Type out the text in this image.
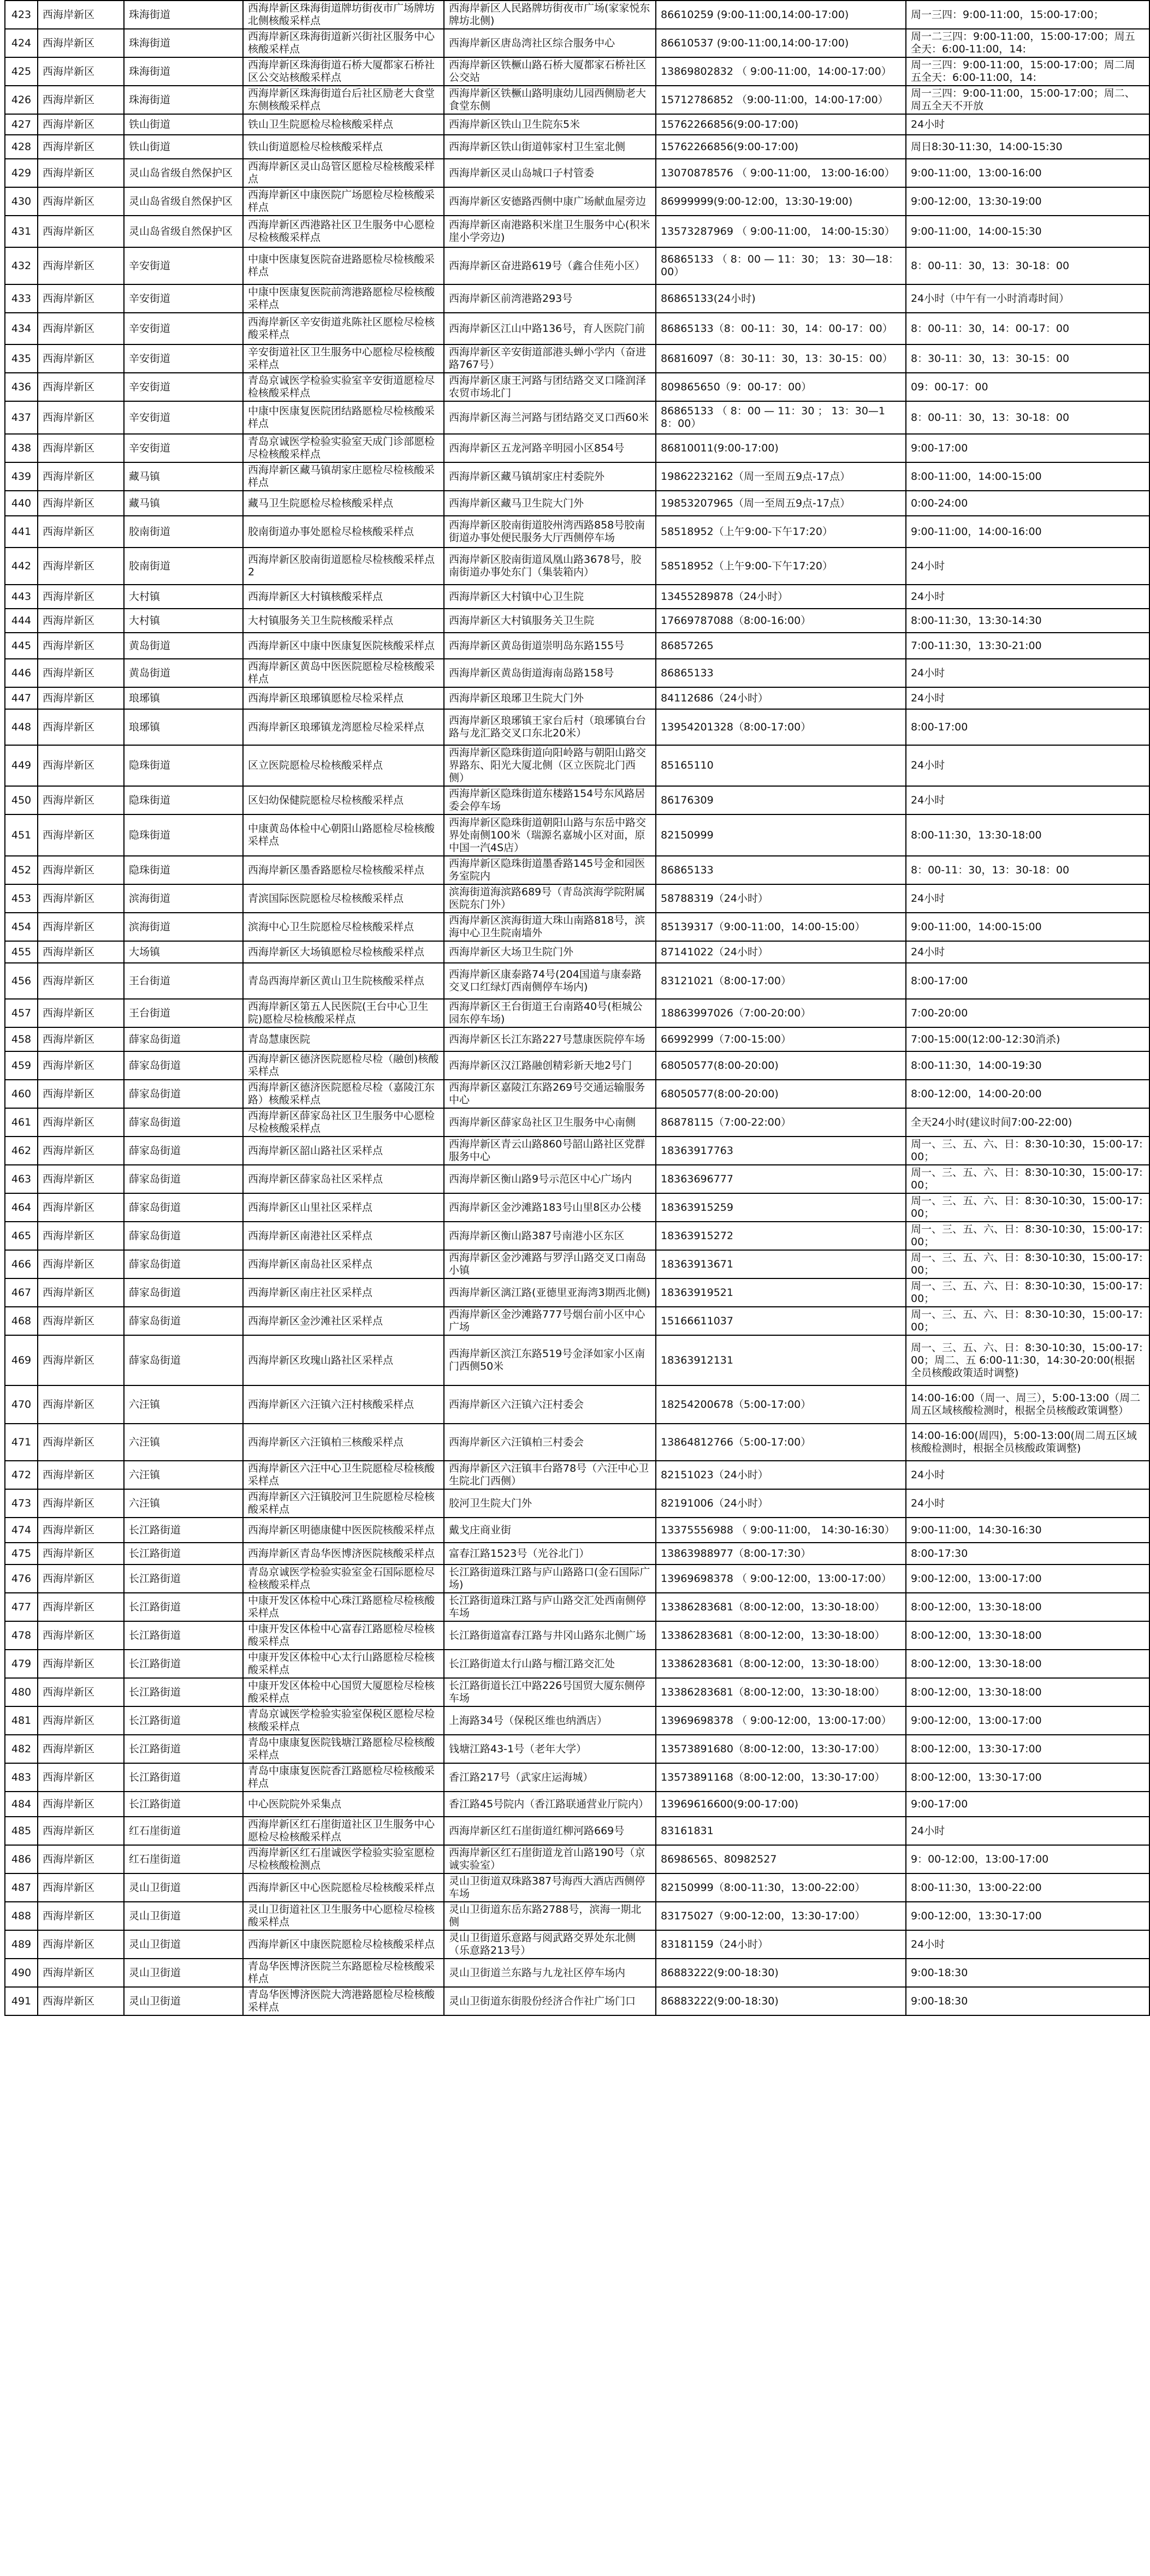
423	西海岸新区	珠海街道	西海岸新区珠海街道牌坊街夜市广场牌坊北侧核酸采样点	西海岸新区人民路牌坊街夜市广场(家家悦东牌坊北侧)	86610259 (9:00-11:00,14:00-17:00)	周一三四：9:00-11:00，15:00-17:00；
424	西海岸新区	珠海街道	西海岸新区珠海街道新兴街社区服务中心核酸采样点	西海岸新区唐岛湾社区综合服务中心	86610537 (9:00-11:00,14:00-17:00)	周一二三四：9:00-11:00，15:00-17:00；周五全天：6:00-11:00，14:
425	西海岸新区	珠海街道	西海岸新区珠海街道石桥大厦都家石桥社区公交站核酸采样点	西海岸新区铁橛山路石桥大厦都家石桥社区公交站	13869802832 （ 9:00-11:00，14:00-17:00）	周一三四：9:00-11:00，15:00-17:00；周二周五全天：6:00-11:00，14:
426	西海岸新区	珠海街道	西海岸新区珠海街道台后社区励老大食堂东侧核酸采样点	西海岸新区铁橛山路明康幼儿园西侧励老大食堂东侧	15712786852 （9:00-11:00，14:00-17:00）	周一三四：9:00-11:00，15:00-17:00；周二、周五全天不开放
427	西海岸新区	铁山街道	铁山卫生院愿检尽检核酸采样点	西海岸新区铁山卫生院东5米	15762266856(9:00-17:00)	24小时
428	西海岸新区	铁山街道	铁山街道愿检尽检核酸采样点	西海岸新区铁山街道韩家村卫生室北侧	15762266856(9:00-17:00)	周日8:30-11:30，14:00-15:30
429	西海岸新区	灵山岛省级自然保护区	西海岸新区灵山岛管区愿检尽检核酸采样点	西海岸新区灵山岛城口子村管委	13070878576 （ 9:00-11:00， 13:00-16:00）	9:00-11:00，13:00-16:00
430	西海岸新区	灵山岛省级自然保护区	西海岸新区中康医院广场愿检尽检核酸采样点	西海岸新区安德路西侧中康广场献血屋旁边	86999999(9:00-12:00，13:30-19:00)	9:00-12:00，13:30-19:00
431	西海岸新区	灵山岛省级自然保护区	西海岸新区西港路社区卫生服务中心愿检尽检核酸采样点	西海岸新区南港路积米崖卫生服务中心(积米崖小学旁边)	13573287969 （ 9:00-11:00， 14:00-15:30）	9:00-11:00，14:00-15:30
432	西海岸新区	辛安街道	中康中医康复医院奋进路愿检尽检核酸采样点	西海岸新区奋进路619号（鑫合佳苑小区）	86865133 （ 8：00 — 11：30； 13：30—18：00）	8：00-11：30，13：30-18：00
433	西海岸新区	辛安街道	中康中医康复医院前湾港路愿检尽检核酸采样点	西海岸新区前湾港路293号	86865133(24小时)	24小时（中午有一小时消毒时间）
434	西海岸新区	辛安街道	西海岸新区辛安街道兆陈社区愿检尽检核酸采样点	西海岸新区江山中路136号，育人医院门前	86865133（8：00-11：30，14：00-17：00）	8：00-11：30，14：00-17：00
435	西海岸新区	辛安街道	辛安街道社区卫生服务中心愿检尽检核酸采样点	西海岸新区辛安街道部港头蝉小学内（奋进路767号）	86816097（8：30-11：30，13：30-15：00）	8：30-11：30，13：30-15：00
436	西海岸新区	辛安街道	青岛京诚医学检验实验室辛安街道愿检尽检核酸采样点	西海岸新区康王河路与团结路交叉口隆润泽农贸市场北门	809865650（9：00-17：00）	09：00-17：00
437	西海岸新区	辛安街道	中康中医康复医院团结路愿检尽检核酸采样点	西海岸新区海兰河路与团结路交叉口西60米	86865133 （ 8：00 — 11：30 ； 13：30—18：00）	8：00-11：30，13：30-18：00
438	西海岸新区	辛安街道	青岛京诚医学检验实验室天成门诊部愿检尽检核酸采样点	西海岸新区五龙河路辛明园小区854号	86810011(9:00-17:00)	9:00-17:00
439	西海岸新区	藏马镇	西海岸新区藏马镇胡家庄愿检尽检核酸采样点	西海岸新区藏马镇胡家庄村委院外	19862232162（周一至周五9点-17点）	8:00-11:00，14:00-15:00
440	西海岸新区	藏马镇	藏马卫生院愿检尽检核酸采样点	西海岸新区藏马卫生院大门外	19853207965（周一至周五9点-17点）	0:00-24:00
441	西海岸新区	胶南街道	胶南街道办事处愿检尽检核酸采样点	西海岸新区胶南街道胶州湾西路858号胶南街道办事处便民服务大厅西侧停车场	58518952（上午9:00-下午17:20）	9:00-11:00，14:00-16:00
442	西海岸新区	胶南街道	西海岸新区胶南街道愿检尽检核酸采样点2	西海岸新区胶南街道凤凰山路3678号，胶南街道办事处东门（集装箱内）	58518952（上午9:00-下午17:20）	24小时
443	西海岸新区	大村镇	西海岸新区大村镇核酸采样点	西海岸新区大村镇中心卫生院	13455289878（24小时）	24小时
444	西海岸新区	大村镇	大村镇服务关卫生院核酸采样点	西海岸新区大村镇服务关卫生院	17669787088（8:00-16:00）	8:00-11:30，13:30-14:30
445	西海岸新区	黄岛街道	西海岸新区中康中医康复医院核酸采样点	西海岸新区黄岛街道崇明岛东路155号	86857265	7:00-11:30，13:30-21:00
446	西海岸新区	黄岛街道	西海岸新区黄岛中医医院愿检尽检核酸采样点	西海岸新区黄岛街道海南岛路158号	86865133	24小时
447	西海岸新区	琅琊镇	西海岸新区琅琊镇愿检尽检采样点	西海岸新区琅琊卫生院大门外	84112686（24小时）	24小时
448	西海岸新区	琅琊镇	西海岸新区琅琊镇龙湾愿检尽检采样点	西海岸新区琅琊镇王家台后村（琅琊镇台台路与龙汇路交叉口东北20米）	13954201328（8:00-17:00）	8:00-17:00
449	西海岸新区	隐珠街道	区立医院愿检尽检核酸采样点	西海岸新区隐珠街道向阳岭路与朝阳山路交界路东、阳光大厦北侧（区立医院北门西侧）	85165110	24小时
450	西海岸新区	隐珠街道	区妇幼保健院愿检尽检核酸采样点	西海岸新区隐珠街道东楼路154号东风路居委会停车场	86176309	24小时
451	西海岸新区	隐珠街道	中康黄岛体检中心朝阳山路愿检尽检核酸采样点	西海岸新区隐珠街道朝阳山路与东岳中路交界处南侧100米（瑞源名嘉城小区对面，原中国一汽4S店）	82150999	8:00-11:30，13:30-18:00
452	西海岸新区	隐珠街道	西海岸新区墨香路愿检尽检核酸采样点	西海岸新区隐珠街道墨香路145号金和园医务室院内	86865133	8：00-11：30，13：30-18：00
453	西海岸新区	滨海街道	青滨国际医院愿检尽检核酸采样点	滨海街道海滨路689号（青岛滨海学院附属医院东门外）	58788319（24小时）	24小时
454	西海岸新区	滨海街道	滨海中心卫生院愿检尽检核酸采样点	西海岸新区滨海街道大珠山南路818号，滨海中心卫生院南墙外	85139317（9:00-11:00，14:00-15:00）	9:00-11:00，14:00-15:00
455	西海岸新区	大场镇	西海岸新区大场镇愿检尽检核酸采样点	西海岸新区大场卫生院门外	87141022（24小时）	24小时
456	西海岸新区	王台街道	青岛西海岸新区黄山卫生院核酸采样点	西海岸新区康泰路74号(204国道与康泰路交叉口红绿灯西南侧停车场内)	83121021（8:00-17:00）	8:00-17:00
457	西海岸新区	王台街道	西海岸新区第五人民医院(王台中心卫生院)愿检尽检核酸采样点	西海岸新区王台街道王台南路40号(柜城公园东停车场)	18863997026（7:00-20:00）	7:00-20:00
458	西海岸新区	薛家岛街道	青岛慧康医院	西海岸新区长江东路227号慧康医院停车场	66992999（7:00-15:00）	7:00-15:00(12:00-12:30消杀)
459	西海岸新区	薛家岛街道	西海岸新区德济医院愿检尽检（融创)核酸采样点	西海岸新区汉江路融创精彩新天地2号门	68050577(8:00-20:00)	8:00-11:30，14:00-19:30
460	西海岸新区	薛家岛街道	西海岸新区德济医院愿检尽检（嘉陵江东路）核酸采样点	西海岸新区嘉陵江东路269号交通运输服务中心	68050577(8:00-20:00)	8:00-12:00，14:00-20:00
461	西海岸新区	薛家岛街道	西海岸新区薛家岛社区卫生服务中心愿检尽检核酸采样点	西海岸新区薛家岛社区卫生服务中心南侧	86878115（7:00-22:00）	全天24小时(建议时间7:00-22:00)
462	西海岸新区	薛家岛街道	西海岸新区韶山路社区采样点	西海岸新区青云山路860号韶山路社区党群服务中心	18363917763	周一、三、五、六、日：8:30-10:30，15:00-17:00；
463	西海岸新区	薛家岛街道	西海岸新区薛家岛社区采样点	西海岸新区衡山路9号示范区中心广场内	18363696777	周一、三、五、六、日：8:30-10:30，15:00-17:00；
464	西海岸新区	薛家岛街道	西海岸新区山里社区采样点	西海岸新区金沙滩路183号山里8区办公楼	18363915259	周一、三、五、六、日：8:30-10:30，15:00-17:00；
465	西海岸新区	薛家岛街道	西海岸新区南港社区采样点	西海岸新区衡山路387号南港小区东区	18363915272	周一、三、五、六、日：8:30-10:30，15:00-17:00；
466	西海岸新区	薛家岛街道	西海岸新区南岛社区采样点	西海岸新区金沙滩路与罗浮山路交叉口南岛小镇	18363913671	周一、三、五、六、日：8:30-10:30，15:00-17:00；
467	西海岸新区	薛家岛街道	西海岸新区南庄社区采样点	西海岸新区漓江路(亚德里亚海湾3期西北侧)	18363919521	周一、三、五、六、日：8:30-10:30，15:00-17:00；
468	西海岸新区	薛家岛街道	西海岸新区金沙滩社区采样点	西海岸新区金沙滩路777号烟台前小区中心广场	15166611037	周一、三、五、六、日：8:30-10:30，15:00-17:00；
469	西海岸新区	薛家岛街道	西海岸新区玫瑰山路社区采样点	西海岸新区滨江东路519号金泽如家小区南门西侧50米	18363912131	周一、三、五、六、日：8:30-10:30，15:00-17:00；周二、五 6:00-11:30，14:30-20:00(根据全员核酸政策适时调整)
470	西海岸新区	六汪镇	西海岸新区六汪镇六汪村核酸采样点	西海岸新区六汪镇六汪村委会	18254200678（5:00-17:00）	14:00-16:00（周一、周三），5:00-13:00（周二周五区域核酸检测时，根据全员核酸政策调整）
471	西海岸新区	六汪镇	西海岸新区六汪镇柏三核酸采样点	西海岸新区六汪镇柏三村委会	13864812766（5:00-17:00）	14:00-16:00(周四)，5:00-13:00(周二周五区域核酸检测时，根据全员核酸政策调整)
472	西海岸新区	六汪镇	西海岸新区六汪中心卫生院愿检尽检核酸采样点	西海岸新区六汪镇丰台路78号（六汪中心卫生院北门西侧）	82151023（24小时）	24小时
473	西海岸新区	六汪镇	西海岸新区六汪镇胶河卫生院愿检尽检核酸采样点	胶河卫生院大门外	82191006（24小时）	24小时
474	西海岸新区	长江路街道	西海岸新区明德康健中医医院核酸采样点	戴戈庄商业街	13375556988 （ 9:00-11:00， 14:30-16:30）	9:00-11:00，14:30-16:30
475	西海岸新区	长江路街道	西海岸新区青岛华医博济医院核酸采样点	富春江路1523号（光谷北门）	13863988977（8:00-17:30）	8:00-17:30
476	西海岸新区	长江路街道	青岛京诚医学检验实验室金石国际愿检尽检核酸采样点	长江路街道珠江路与庐山路路口(金石国际广场)	13969698378 （ 9:00-12:00，13:00-17:00）	9:00-12:00，13:00-17:00
477	西海岸新区	长江路街道	中康开发区体检中心珠江路愿检尽检核酸采样点	长江路街道珠江路与庐山路交汇处西南侧停车场	13386283681（8:00-12:00，13:30-18:00）	8:00-12:00，13:30-18:00
478	西海岸新区	长江路街道	中康开发区体检中心富春江路愿检尽检核酸采样点	长江路街道富春江路与井冈山路东北侧广场	13386283681（8:00-12:00，13:30-18:00）	8:00-12:00，13:30-18:00
479	西海岸新区	长江路街道	中康开发区体检中心太行山路愿检尽检核酸采样点	长江路街道太行山路与榴江路交汇处	13386283681（8:00-12:00，13:30-18:00）	8:00-12:00，13:30-18:00
480	西海岸新区	长江路街道	中康开发区体检中心国贸大厦愿检尽检核酸采样点	长江路街道长江中路226号国贸大厦东侧停车场	13386283681（8:00-12:00，13:30-18:00）	8:00-12:00，13:30-18:00
481	西海岸新区	长江路街道	青岛京诚医学检验实验室保税区愿检尽检核酸采样点	上海路34号（保税区维也纳酒店）	13969698378 （ 9:00-12:00，13:00-17:00）	9:00-12:00，13:00-17:00
482	西海岸新区	长江路街道	青岛中康康复医院钱塘江路愿检尽检核酸采样点	钱塘江路43-1号（老年大学）	13573891680（8:00-12:00，13:30-17:00）	8:00-12:00，13:30-17:00
483	西海岸新区	长江路街道	青岛中康康复医院香江路愿检尽检核酸采样点	香江路217号（武家庄运海城）	13573891168（8:00-12:00，13:30-17:00）	8:00-12:00，13:30-17:00
484	西海岸新区	长江路街道	中心医院院外采集点	香江路45号院内（香江路联通营业厅院内）	13969616600(9:00-17:00)	9:00-17:00
485	西海岸新区	红石崖街道	西海岸新区红石崖街道社区卫生服务中心愿检尽检核酸采样点	西海岸新区红石崖街道红柳河路669号	83161831	24小时
486	西海岸新区	红石崖街道	西海岸新区红石崖诚医学检验实验室愿检尽检核酸检测点	西海岸新区红石崖街道龙首山路190号（京诚实验室）	86986565、80982527	9：00-12:00，13:00-17:00
487	西海岸新区	灵山卫街道	西海岸新区中心医院愿检尽检核酸采样点	灵山卫街道双珠路387号海西大酒店西侧停车场	82150999（8:00-11:30，13:00-22:00）	8:00-11:30，13:00-22:00
488	西海岸新区	灵山卫街道	灵山卫街道社区卫生服务中心愿检尽检核酸采样点	灵山卫街道东岳东路2788号，滨海一期北侧	83175027（9:00-12:00，13:30-17:00）	9:00-12:00，13:30-17:00
489	西海岸新区	灵山卫街道	西海岸新区中康医院愿检尽检核酸采样点	灵山卫街道乐意路与阅武路交界处东北侧（乐意路213号）	83181159（24小时）	24小时
490	西海岸新区	灵山卫街道	青岛华医博济医院兰东路愿检尽检核酸采样点	灵山卫街道兰东路与九龙社区停车场内	86883222(9:00-18:30)	9:00-18:30
491	西海岸新区	灵山卫街道	青岛华医博济医院大湾港路愿检尽检核酸采样点	灵山卫街道东街股份经济合作社广场门口	86883222(9:00-18:30)	9:00-18:30
